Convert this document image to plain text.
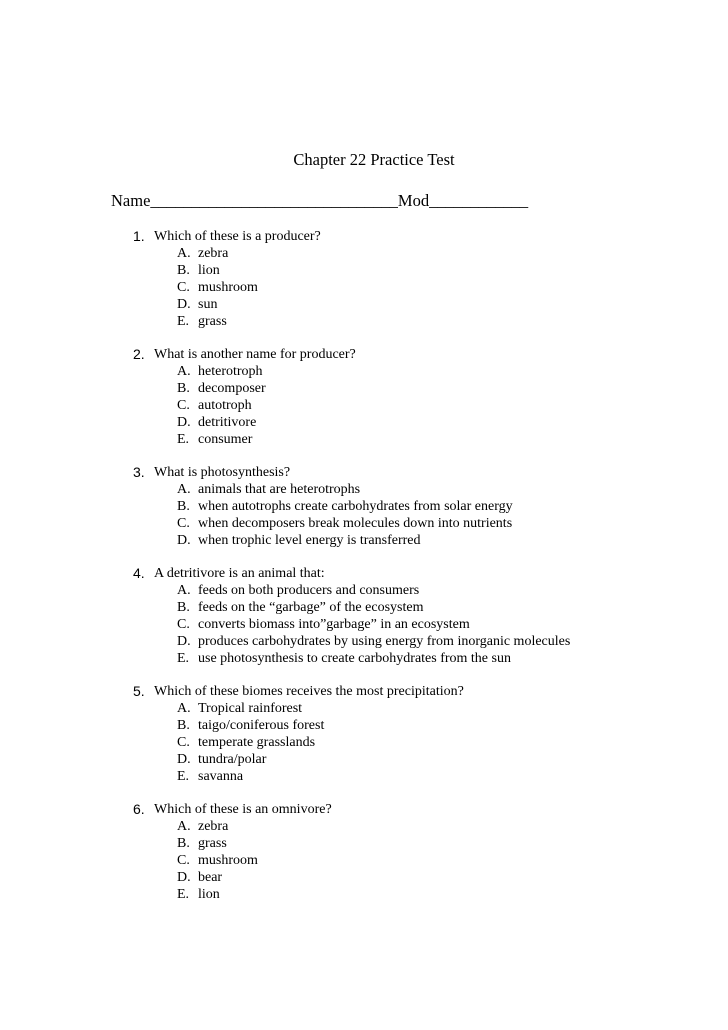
Chapter 22 Practice Test
Name______________________________Mod____________
1. Which of these is a producer?
A. zebra
B. lion
C. mushroom
D. sun
E. grass
2. What is another name for producer?
A. heterotroph
B. decomposer
C. autotroph
D. detritivore
E. consumer
3. What is photosynthesis?
A. animals that are heterotrophs
B. when autotrophs create carbohydrates from solar energy
C. when decomposers break molecules down into nutrients
D. when trophic level energy is transferred
4. A detritivore is an animal that:
A. feeds on both producers and consumers
B. feeds on the “garbage” of the ecosystem
C. converts biomass into”garbage” in an ecosystem
D. produces carbohydrates by using energy from inorganic molecules
E. use photosynthesis to create carbohydrates from the sun
5. Which of these biomes receives the most precipitation?
A. Tropical rainforest
B. taigo/coniferous forest
C. temperate grasslands
D. tundra/polar
E. savanna
6. Which of these is an omnivore?
A. zebra
B. grass
C. mushroom
D. bear
E. lion
